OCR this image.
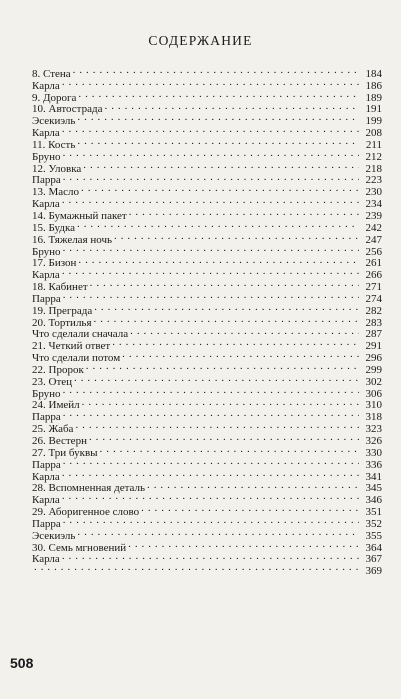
СОДЕРЖАНИЕ
8. Стена . . .	184
Карла . . .	186
9. Дорога . . .	189
10. Автострада . . .	191
Эсекиэль . . .	199
Карла . . .	208
11. Кость . . .	211
Бруно . . .	212
12. Уловка . . .	218
Парра . . .	223
13. Масло . . .	230
Карла . . .	234
14. Бумажный пакет . . .	239
15. Будка . . .	242
16. Тяжелая ночь . . .	247
Бруно . . .	256
17. Бизон . . .	261
Карла . . .	266
18. Кабинет . . .	271
Парра . . .	274
19. Преграда . . .	282
20. Тортилья . . .	283
Что сделали сначала . . .	287
21. Четкий ответ . . .	291
Что сделали потом . . .	296
22. Пророк . . .	299
23. Отец . . .	302
Бруно . . .	306
24. Имейл . . .	310
Парра . . .	318
25. Жаба . . .	323
26. Вестерн . . .	326
27. Три буквы . . .	330
Парра . . .	336
Карла . . .	341
28. Вспомненная деталь . . .	345
Карла . . .	346
29. Аборигенное слово . . .	351
Парра . . .	352
Эсекиэль . . .	355
30. Семь мгновений . . .	364
Карла . . .	367
. . .
369
508
